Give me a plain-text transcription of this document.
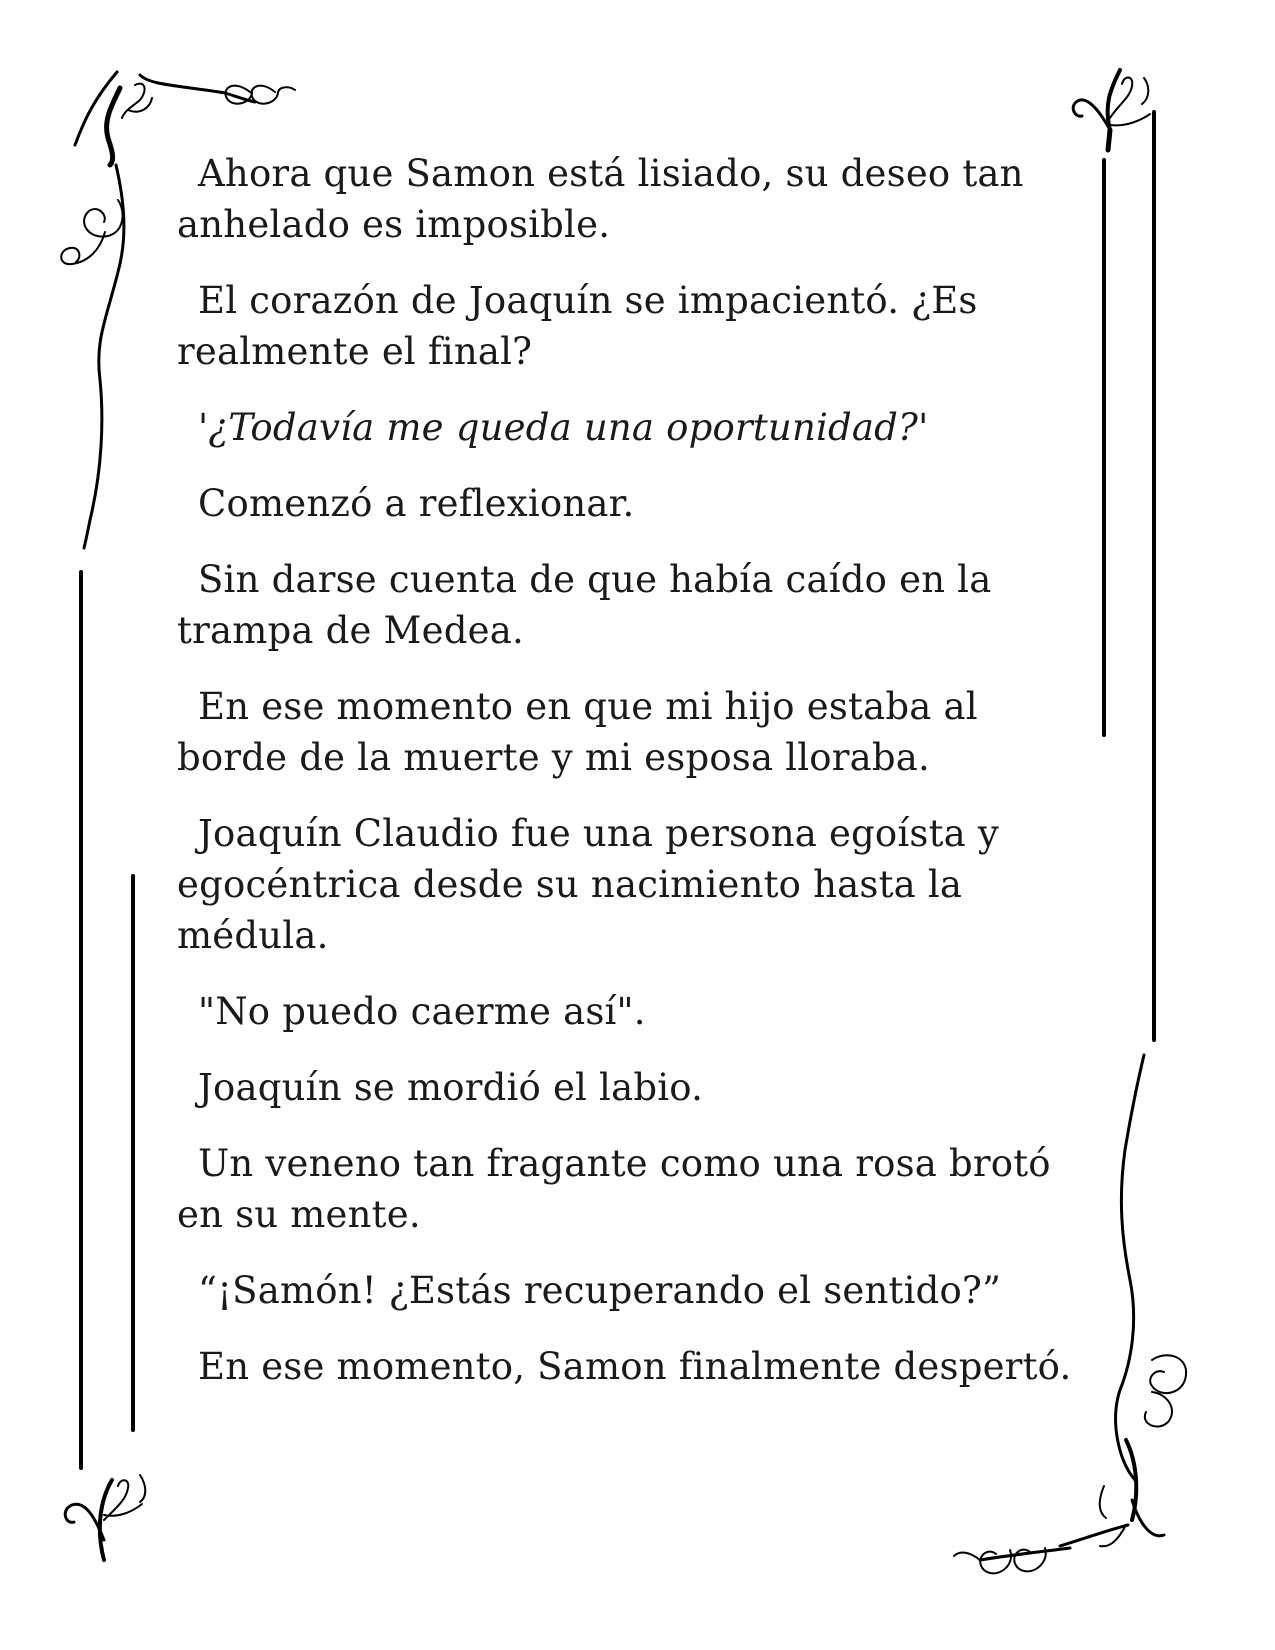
Ahora que Samon está lisiado, su deseo tan anhelado es imposible.

El corazón de Joaquín se impacientó. ¿Es realmente el final?

'¿Todavía me queda una oportunidad?'

Comenzó a reflexionar.

Sin darse cuenta de que había caído en la trampa de Medea.

En ese momento en que mi hijo estaba al borde de la muerte y mi esposa lloraba.

Joaquín Claudio fue una persona egoísta y egocéntrica desde su nacimiento hasta la médula.

"No puedo caerme así".

Joaquín se mordió el labio.

Un veneno tan fragante como una rosa brotó en su mente.

“¡Samón! ¿Estás recuperando el sentido?”

En ese momento, Samon finalmente despertó.
